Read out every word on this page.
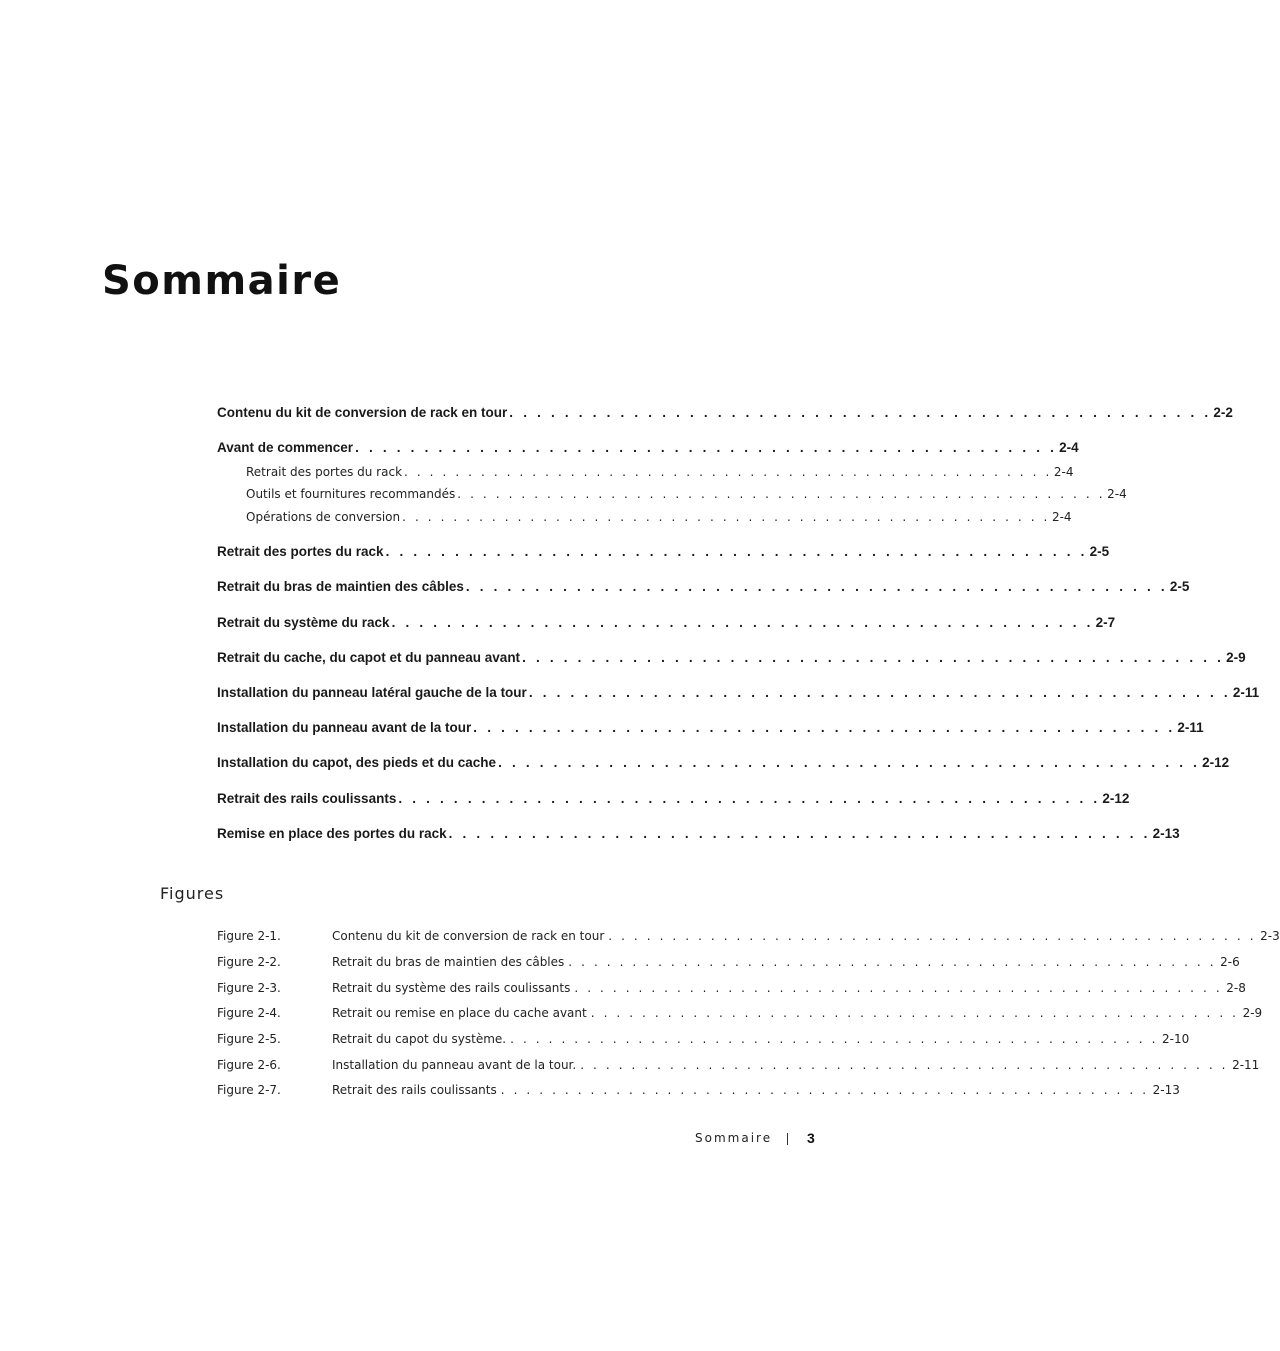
Sommaire
Contenu du kit de conversion de rack en tour . . . . . . . . . . . . . . . . . . . . . . . . . . . . . . . . . . . . . . . . . . . . . . . . . . . 2-2
Avant de commencer . . . . . . . . . . . . . . . . . . . . . . . . . . . . . . . . . . . . . . . . . . . . . . . . . . . 2-4
Retrait des portes du rack . . . . . . . . . . . . . . . . . . . . . . . . . . . . . . . . . . . . . . . . . . . . . . . . . . . 2-4
Outils et fournitures recommandés . . . . . . . . . . . . . . . . . . . . . . . . . . . . . . . . . . . . . . . . . . . . . . . . . . . 2-4
Opérations de conversion . . . . . . . . . . . . . . . . . . . . . . . . . . . . . . . . . . . . . . . . . . . . . . . . . . . 2-4
Retrait des portes du rack . . . . . . . . . . . . . . . . . . . . . . . . . . . . . . . . . . . . . . . . . . . . . . . . . . . 2-5
Retrait du bras de maintien des câbles . . . . . . . . . . . . . . . . . . . . . . . . . . . . . . . . . . . . . . . . . . . . . . . . . . . 2-5
Retrait du système du rack . . . . . . . . . . . . . . . . . . . . . . . . . . . . . . . . . . . . . . . . . . . . . . . . . . . 2-7
Retrait du cache, du capot et du panneau avant . . . . . . . . . . . . . . . . . . . . . . . . . . . . . . . . . . . . . . . . . . . . . . . . . . . 2-9
Installation du panneau latéral gauche de la tour . . . . . . . . . . . . . . . . . . . . . . . . . . . . . . . . . . . . . . . . . . . . . . . . . . . 2-11
Installation du panneau avant de la tour . . . . . . . . . . . . . . . . . . . . . . . . . . . . . . . . . . . . . . . . . . . . . . . . . . . 2-11
Installation du capot, des pieds et du cache . . . . . . . . . . . . . . . . . . . . . . . . . . . . . . . . . . . . . . . . . . . . . . . . . . . 2-12
Retrait des rails coulissants . . . . . . . . . . . . . . . . . . . . . . . . . . . . . . . . . . . . . . . . . . . . . . . . . . . 2-12
Remise en place des portes du rack . . . . . . . . . . . . . . . . . . . . . . . . . . . . . . . . . . . . . . . . . . . . . . . . . . . 2-13
Figures
Figure 2-1.	Contenu du kit de conversion de rack en tour . . . . . . . . . . . . . . . . . . . . . . . . . . . . . . . . . . . . . . . . . . . . . . . . . . . 2-3
Figure 2-2.	Retrait du bras de maintien des câbles . . . . . . . . . . . . . . . . . . . . . . . . . . . . . . . . . . . . . . . . . . . . . . . . . . . 2-6
Figure 2-3.	Retrait du système des rails coulissants . . . . . . . . . . . . . . . . . . . . . . . . . . . . . . . . . . . . . . . . . . . . . . . . . . . 2-8
Figure 2-4.	Retrait ou remise en place du cache avant . . . . . . . . . . . . . . . . . . . . . . . . . . . . . . . . . . . . . . . . . . . . . . . . . . . 2-9
Figure 2-5.	Retrait du capot du système. . . . . . . . . . . . . . . . . . . . . . . . . . . . . . . . . . . . . . . . . . . . . . . . . . . . 2-10
Figure 2-6.	Installation du panneau avant de la tour. . . . . . . . . . . . . . . . . . . . . . . . . . . . . . . . . . . . . . . . . . . . . . . . . . . . 2-11
Figure 2-7.	Retrait des rails coulissants . . . . . . . . . . . . . . . . . . . . . . . . . . . . . . . . . . . . . . . . . . . . . . . . . . . 2-13
Sommaire 3
